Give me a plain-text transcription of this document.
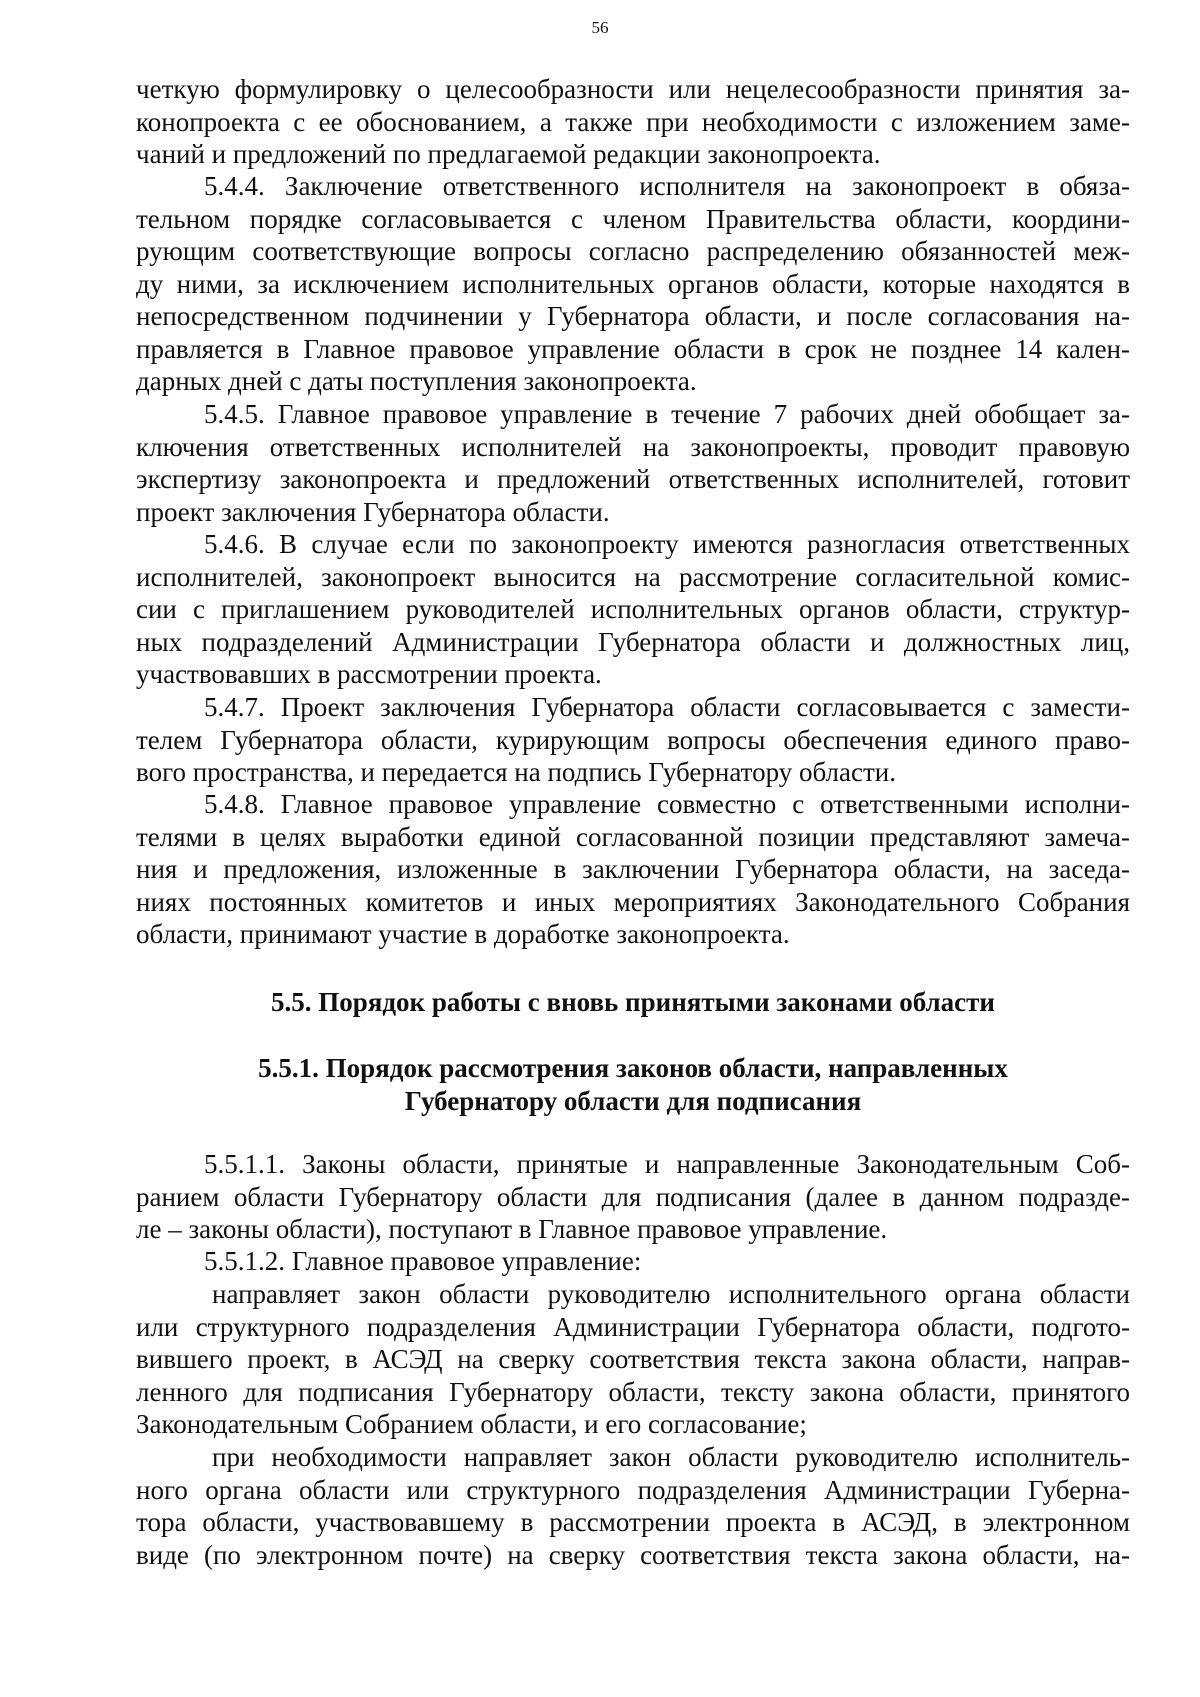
56
четкую формулировку о целесообразности или нецелесообразности принятия за-
конопроекта с ее обоснованием, а также при необходимости с изложением заме-
чаний и предложений по предлагаемой редакции законопроекта.
5.4.4. Заключение ответственного исполнителя на законопроект в обяза-
тельном порядке согласовывается с членом Правительства области, координи-
рующим соответствующие вопросы согласно распределению обязанностей меж-
ду ними, за исключением исполнительных органов области, которые находятся в
непосредственном подчинении у Губернатора области, и после согласования на-
правляется в Главное правовое управление области в срок не позднее 14 кален-
дарных дней с даты поступления законопроекта.
5.4.5. Главное правовое управление в течение 7 рабочих дней обобщает за-
ключения ответственных исполнителей на законопроекты, проводит правовую
экспертизу законопроекта и предложений ответственных исполнителей, готовит
проект заключения Губернатора области.
5.4.6. В случае если по законопроекту имеются разногласия ответственных
исполнителей, законопроект выносится на рассмотрение согласительной комис-
сии с приглашением руководителей исполнительных органов области, структур-
ных подразделений Администрации Губернатора области и должностных лиц,
участвовавших в рассмотрении проекта.
5.4.7. Проект заключения Губернатора области согласовывается с замести-
телем Губернатора области, курирующим вопросы обеспечения единого право-
вого пространства, и передается на подпись Губернатору области.
5.4.8. Главное правовое управление совместно с ответственными исполни-
телями в целях выработки единой согласованной позиции представляют замеча-
ния и предложения, изложенные в заключении Губернатора области, на заседа-
ниях постоянных комитетов и иных мероприятиях Законодательного Собрания
области, принимают участие в доработке законопроекта.
5.5. Порядок работы с вновь принятыми законами области
5.5.1. Порядок рассмотрения законов области, направленных
Губернатору области для подписания
5.5.1.1. Законы области, принятые и направленные Законодательным Соб-
ранием области Губернатору области для подписания (далее в данном подразде-
ле – законы области), поступают в Главное правовое управление.
5.5.1.2. Главное правовое управление:
направляет закон области руководителю исполнительного органа области
или структурного подразделения Администрации Губернатора области, подгото-
вившего проект, в АСЭД на сверку соответствия текста закона области, направ-
ленного для подписания Губернатору области, тексту закона области, принятого
Законодательным Собранием области, и его согласование;
при необходимости направляет закон области руководителю исполнитель-
ного органа области или структурного подразделения Администрации Губерна-
тора области, участвовавшему в рассмотрении проекта в АСЭД, в электронном
виде (по электронном почте) на сверку соответствия текста закона области, на-
